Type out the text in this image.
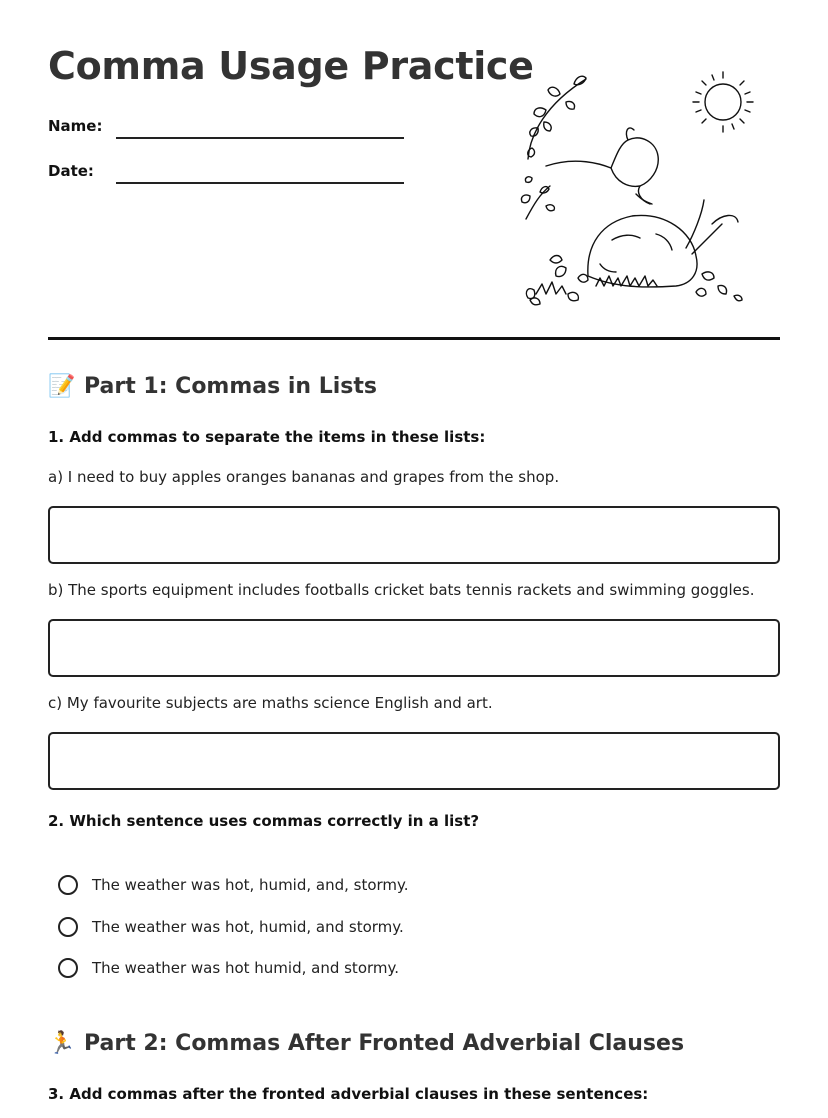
Comma Usage Practice
Name:
Date:
📝 Part 1: Commas in Lists
1. Add commas to separate the items in these lists:
a) I need to buy apples oranges bananas and grapes from the shop.
b) The sports equipment includes footballs cricket bats tennis rackets and swimming goggles.
c) My favourite subjects are maths science English and art.
2. Which sentence uses commas correctly in a list?
The weather was hot, humid, and, stormy.
The weather was hot, humid, and stormy.
The weather was hot humid, and stormy.
🏃 Part 2: Commas After Fronted Adverbial Clauses
3. Add commas after the fronted adverbial clauses in these sentences:
